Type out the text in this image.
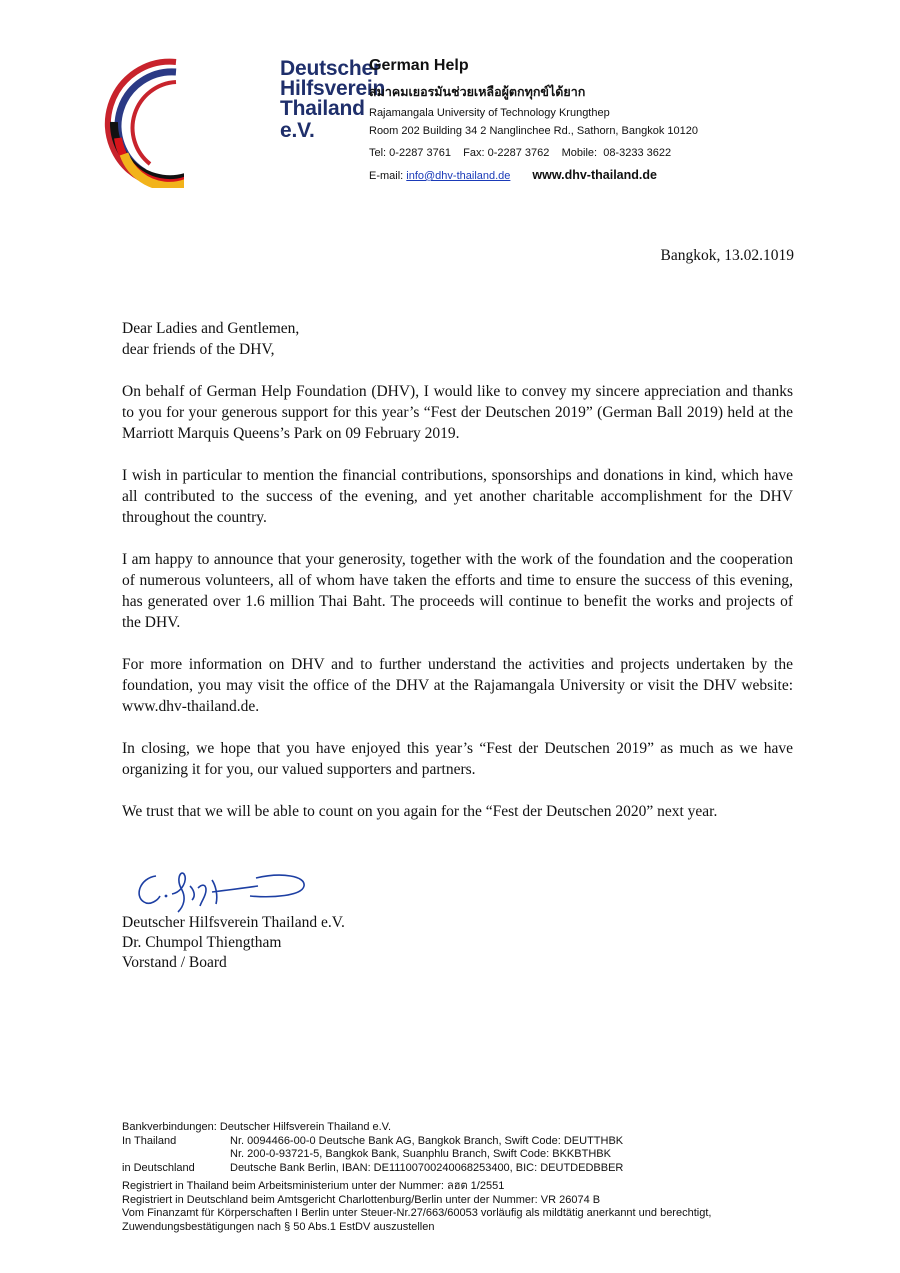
Deutscher
Hilfsverein
Thailand e.V.
German Help
สมาคมเยอรมันช่วยเหลือผู้ตกทุกข์ได้ยาก
Rajamangala University of Technology Krungthep
Room 202 Building 34 2 Nanglinchee Rd., Sathorn, Bangkok 10120
Tel: 0-2287 3761    Fax: 0-2287 3762    Mobile:  08-3233 3622
E-mail: info@dhv-thailand.de www.dhv-thailand.de
Bangkok, 13.02.1019
Dear Ladies and Gentlemen,
dear friends of the DHV,

On behalf of German Help Foundation (DHV), I would like to convey my sincere appreciation and thanks to you for your generous support for this year’s “Fest der Deutschen 2019” (German Ball 2019) held at the Marriott Marquis Queens’s Park on 09 February 2019.

I wish in particular to mention the financial contributions, sponsorships and donations in kind, which have all contributed to the success of the evening, and yet another charitable accomplishment for the DHV throughout the country.

I am happy to announce that your generosity, together with the work of the foundation and the cooperation of numerous volunteers, all of whom have taken the efforts and time to ensure the success of this evening, has generated over 1.6 million Thai Baht. The proceeds will continue to benefit the works and projects of the DHV.

For more information on DHV and to further understand the activities and projects undertaken by the foundation, you may visit the office of the DHV at the Rajamangala University or visit the DHV website: www.dhv-thailand.de.

In closing, we hope that you have enjoyed this year’s “Fest der Deutschen 2019” as much as we have organizing it for you, our valued supporters and partners.

We trust that we will be able to count on you again for the “Fest der Deutschen 2020” next year.

Deutscher Hilfsverein Thailand e.V.
Dr. Chumpol Thiengtham
Vorstand / Board
Bankverbindungen: Deutscher Hilfsverein Thailand e.V.
In Thailand	Nr. 0094466-00-0 Deutsche Bank AG, Bangkok Branch, Swift Code: DEUTTHBK
Nr. 200-0-93721-5, Bangkok Bank, Suanphlu Branch, Swift Code: BKKBTHBK
in Deutschland	Deutsche Bank Berlin, IBAN: DE11100700240068253400, BIC: DEUTDEDBBER
Registriert in Thailand beim Arbeitsministerium unter der Nummer: ลฮต 1/2551
Registriert in Deutschland beim Amtsgericht Charlottenburg/Berlin unter der Nummer: VR 26074 B
Vom Finanzamt für Körperschaften I Berlin unter Steuer-Nr.27/663/60053 vorläufig als mildtätig anerkannt und berechtigt,
Zuwendungsbestätigungen nach § 50 Abs.1 EstDV auszustellen
